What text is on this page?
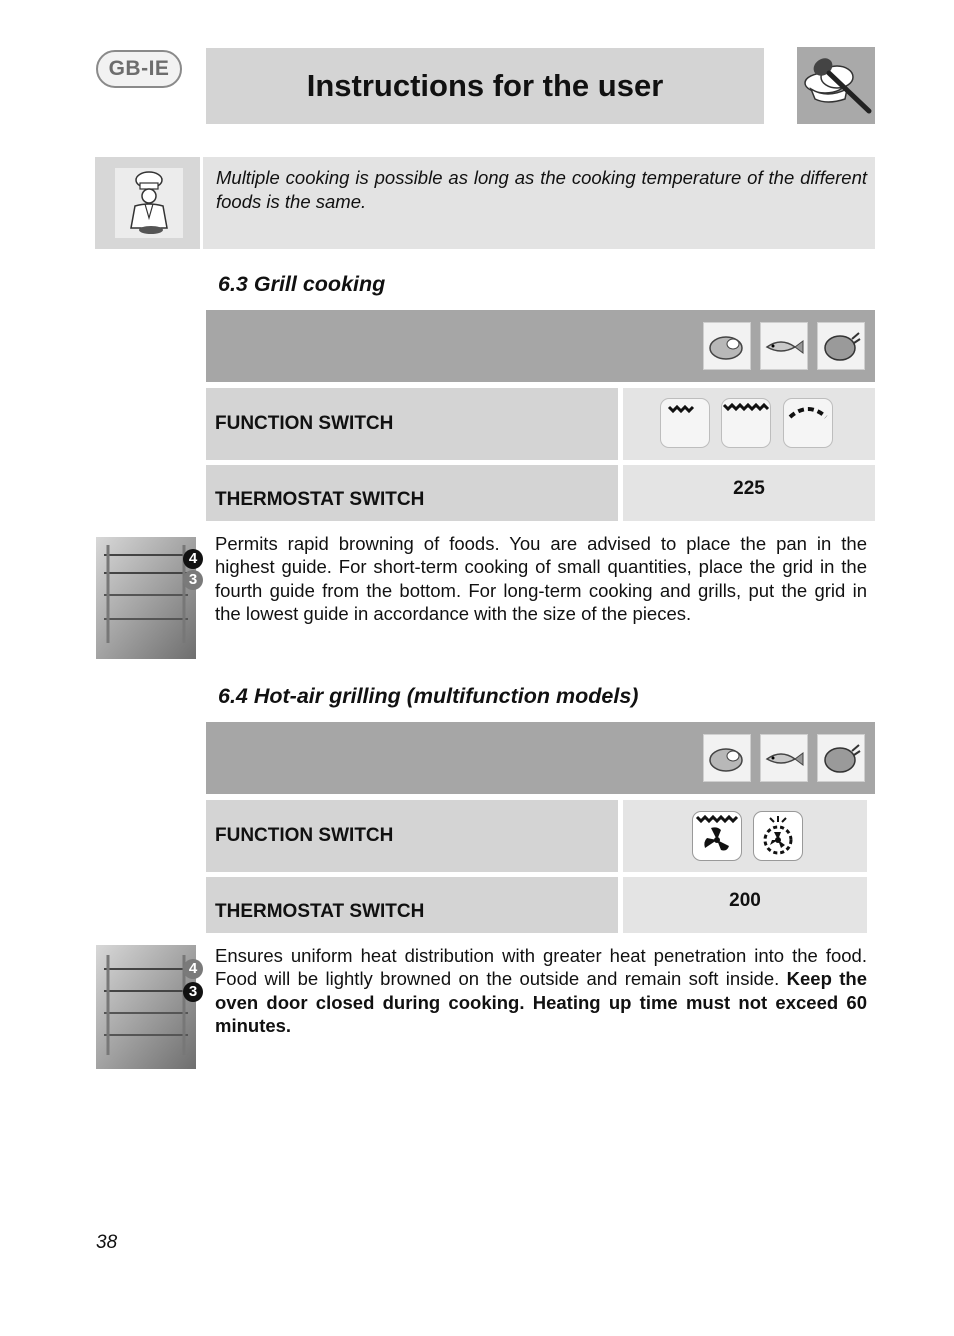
GB-IE	Instructions for the user
Multiple cooking is possible as long as the cooking temperature of the different foods is the same.
6.3 Grill cooking
FUNCTION SWITCH
THERMOSTAT SWITCH
225
4
3
Permits rapid browning of foods. You are advised to place the pan in the highest guide. For short-term cooking of small quantities, place the grid in the fourth guide from the bottom. For long-term cooking and grills, put the grid in the lowest guide in accordance with the size of the pieces.
6.4 Hot-air grilling (multifunction models)
FUNCTION SWITCH
THERMOSTAT SWITCH
200
4
3
Ensures uniform heat distribution with greater heat penetration into the food. Food will be lightly browned on the outside and remain soft inside. Keep the oven door closed during cooking. Heating up time must not exceed 60 minutes.
38
